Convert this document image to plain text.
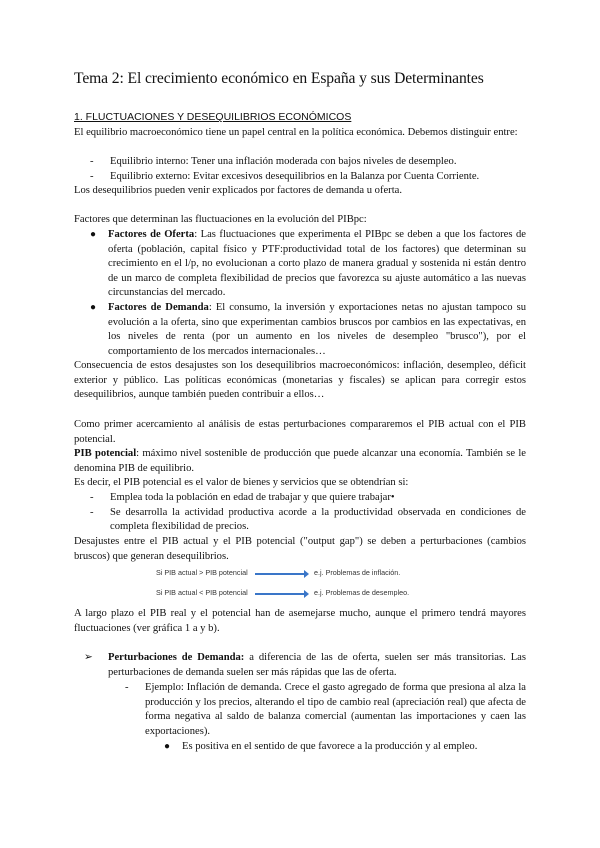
Tema 2: El crecimiento económico en España y sus Determinantes
1. FLUCTUACIONES Y DESEQUILIBRIOS ECONÓMICOS
El equilibrio macroeconómico tiene un papel central en la política económica. Debemos distinguir entre:
- Equilibrio interno: Tener una inflación moderada con bajos niveles de desempleo.
- Equilibrio externo: Evitar excesivos desequilibrios en la Balanza por Cuenta Corriente.
Los desequilibrios pueden venir explicados por factores de demanda u oferta.
Factores que determinan las fluctuaciones en la evolución del PIBpc:
● Factores de Oferta: Las fluctuaciones que experimenta el PIBpc se deben a que los factores de oferta (población, capital físico y PTF:productividad total de los factores) que determinan su crecimiento en el l/p, no evolucionan a corto plazo de manera gradual y sostenida ni están dentro de un marco de completa flexibilidad de precios que favorezca su ajuste automático a las nuevas circunstancias del mercado.
● Factores de Demanda: El consumo, la inversión y exportaciones netas no ajustan tampoco su evolución a la oferta, sino que experimentan cambios bruscos por cambios en las expectativas, en los niveles de renta (por un aumento en los niveles de desempleo "brusco"), por el comportamiento de los mercados internacionales…
Consecuencia de estos desajustes son los desequilibrios macroeconómicos: inflación, desempleo, déficit exterior y público. Las políticas económicas (monetarias y fiscales) se aplican para corregir estos desequilibrios, aunque también pueden contribuir a ellos…
Como primer acercamiento al análisis de estas perturbaciones compararemos el PIB actual con el PIB potencial.
PIB potencial: máximo nivel sostenible de producción que puede alcanzar una economía. También se le denomina PIB de equilibrio.
Es decir, el PIB potencial es el valor de bienes y servicios que se obtendrían si:
- Emplea toda la población en edad de trabajar y que quiere trabajar•
- Se desarrolla la actividad productiva acorde a la productividad observada en condiciones de completa flexibilidad de precios.
Desajustes entre el PIB actual y el PIB potencial ("output gap") se deben a perturbaciones (cambios bruscos) que generan desequilibrios.
Si PIB actual > PIB potencial	e.j. Problemas de inflación.
Si PIB actual < PIB potencial	e.j. Problemas de desempleo.
A largo plazo el PIB real y el potencial han de asemejarse mucho, aunque el primero tendrá mayores fluctuaciones (ver gráfica 1 a y b).
➢ Perturbaciones de Demanda: a diferencia de las de oferta, suelen ser más transitorias. Las perturbaciones de demanda suelen ser más rápidas que las de oferta.
- Ejemplo: Inflación de demanda. Crece el gasto agregado de forma que presiona al alza la producción y los precios, alterando el tipo de cambio real (apreciación real) que afecta de forma negativa al saldo de balanza comercial (aumentan las importaciones y caen las exportaciones).
● Es positiva en el sentido de que favorece a la producción y al empleo.
